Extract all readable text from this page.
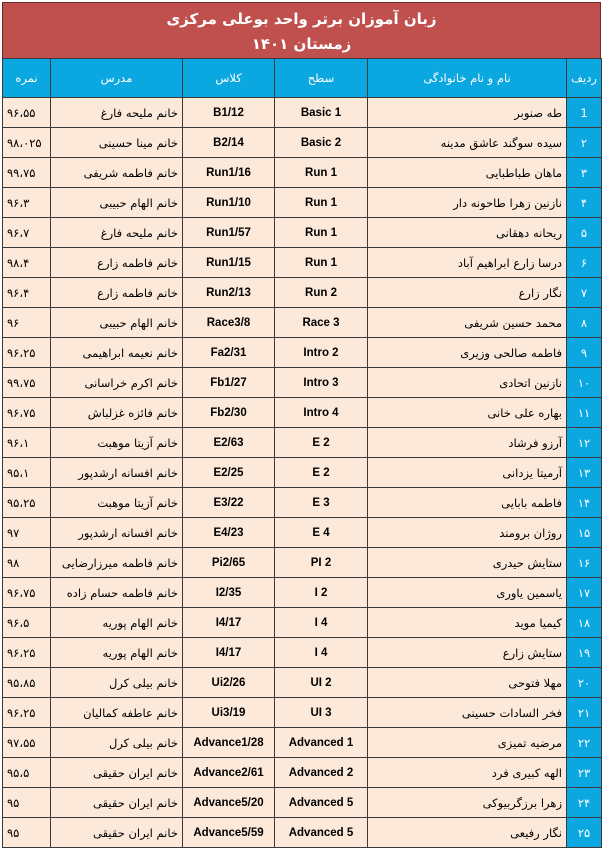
زبان آموزان برتر واحد بوعلی مرکزی
زمستان ۱۴۰۱
ردیف	نام و نام خانوادگی	سطح	کلاس	مدرس	نمره
1	طه صنوبر	Basic 1	B1/12	خانم ملیحه فارغ	۹۶،۵۵
۲	سیده سوگند عاشق مدینه	Basic 2	B2/14	خانم مینا حسینی	۹۸،۰۲۵
۳	ماهان طباطبایی	Run 1	Run1/16	خانم فاطمه شریفی	۹۹،۷۵
۴	نازنین زهرا طاحونه دار	Run 1	Run1/10	خانم الهام حبیبی	۹۶،۳
۵	ریحانه دهقانی	Run 1	Run1/57	خانم ملیحه فارغ	۹۶،۷
۶	درسا زارع ابراهیم آباد	Run 1	Run1/15	خانم فاطمه زارع	۹۸،۴
۷	نگار زارع	Run 2	Run2/13	خانم فاطمه زارع	۹۶،۴
۸	محمد حسین شریفی	Race 3	Race3/8	خانم الهام حبیبی	۹۶
۹	فاطمه صالحی وزیری	Intro 2	Fa2/31	خانم نعیمه ابراهیمی	۹۶،۲۵
۱۰	نازنین اتحادی	Intro 3	Fb1/27	خانم اکرم خراسانی	۹۹،۷۵
۱۱	بهاره علی خانی	Intro 4	Fb2/30	خانم فائزه غزلباش	۹۶،۷۵
۱۲	آرزو فرشاد	E 2	E2/63	خانم آزیتا موهبت	۹۶،۱
۱۳	آرمیتا یزدانی	E 2	E2/25	خانم افسانه ارشدپور	۹۵،۱
۱۴	فاطمه بابایی	E 3	E3/22	خانم آزیتا موهبت	۹۵،۲۵
۱۵	روژان برومند	E 4	E4/23	خانم افسانه ارشدپور	۹۷
۱۶	ستایش حیدری	PI 2	Pi2/65	خانم فاطمه میرزارضایی	۹۸
۱۷	یاسمین یاوری	I 2	I2/35	خانم فاطمه حسام زاده	۹۶،۷۵
۱۸	کیمیا موید	I 4	I4/17	خانم الهام پوریه	۹۶،۵
۱۹	ستایش زارع	I 4	I4/17	خانم الهام پوریه	۹۶،۲۵
۲۰	مهلا فتوحی	UI 2	Ui2/26	خانم بیلی کرل	۹۵،۸۵
۲۱	فخر السادات حسینی	UI 3	Ui3/19	خانم عاطفه کمالیان	۹۶،۲۵
۲۲	مرضیه تمیزی	Advanced 1	Advance1/28	خانم بیلی کرل	۹۷،۵۵
۲۳	الهه کبیری فرد	Advanced 2	Advance2/61	خانم ایران حقیقی	۹۵،۵
۲۴	زهرا برزگربیوکی	Advanced 5	Advance5/20	خانم ایران حقیقی	۹۵
۲۵	نگار رفیعی	Advanced 5	Advance5/59	خانم ایران حقیقی	۹۵
